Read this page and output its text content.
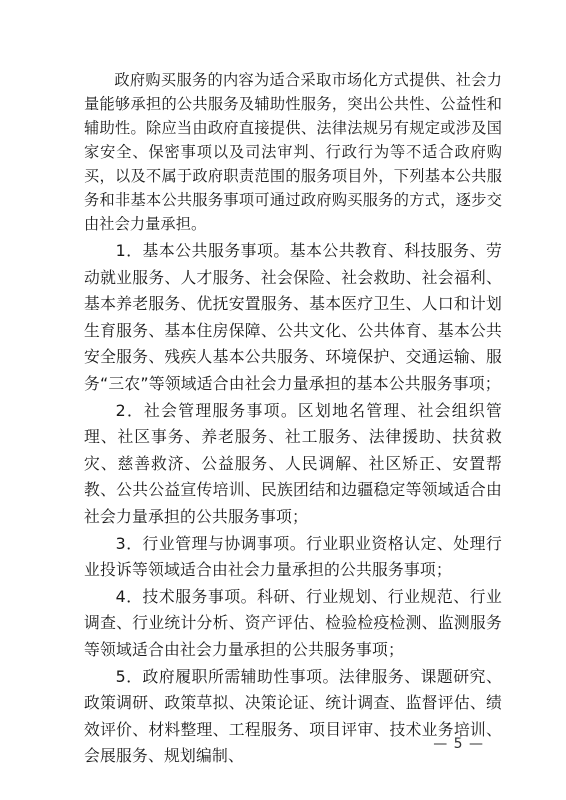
政府购买服务的内容为适合采取市场化方式提供、社会力量能够承担的公共服务及辅助性服务，突出公共性、公益性和辅助性。除应当由政府直接提供、法律法规另有规定或涉及国家安全、保密事项以及司法审判、行政行为等不适合政府购买，以及不属于政府职责范围的服务项目外，下列基本公共服务和非基本公共服务事项可通过政府购买服务的方式，逐步交由社会力量承担。

1．基本公共服务事项。基本公共教育、科技服务、劳动就业服务、人才服务、社会保险、社会救助、社会福利、基本养老服务、优抚安置服务、基本医疗卫生、人口和计划生育服务、基本住房保障、公共文化、公共体育、基本公共安全服务、残疾人基本公共服务、环境保护、交通运输、服务“三农”等领域适合由社会力量承担的基本公共服务事项；

2．社会管理服务事项。区划地名管理、社会组织管理、社区事务、养老服务、社工服务、法律援助、扶贫救灾、慈善救济、公益服务、人民调解、社区矫正、安置帮教、公共公益宣传培训、民族团结和边疆稳定等领域适合由社会力量承担的公共服务事项；

3．行业管理与协调事项。行业职业资格认定、处理行业投诉等领域适合由社会力量承担的公共服务事项；

4．技术服务事项。科研、行业规划、行业规范、行业调查、行业统计分析、资产评估、检验检疫检测、监测服务等领域适合由社会力量承担的公共服务事项；

5．政府履职所需辅助性事项。法律服务、课题研究、政策调研、政策草拟、决策论证、统计调查、监督评估、绩效评价、材料整理、工程服务、项目评审、技术业务培训、会展服务、规划编制、

— 5 —
